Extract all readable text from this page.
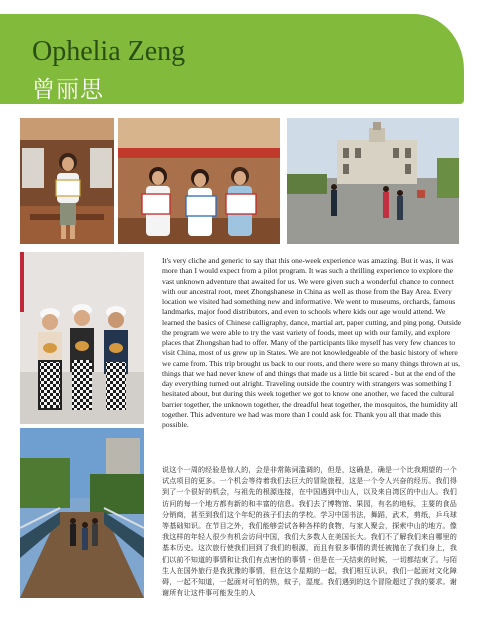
Ophelia Zeng
曾丽思

It's very cliche and generic to say that this one-week experience was amazing. But it was, it was more than I would expect from a pilot program. It was such a thrilling experience to explore the vast unknown adventure that awaited for us. We were given such a wonderful chance to connect with our ancestral root, meet Zhongshanese in China as well as those from the Bay Area. Every location we visited had something new and informative. We went to museums, orchards, famous landmarks, major food distributors, and even to schools where kids our age would attend. We learned the basics of Chinese calligraphy, dance, martial art, paper cutting, and ping pong. Outside the program we were able to try the vast variety of foods, meet up with our family, and explore places that Zhongshan had to offer. Many of the participants like myself has very few chances to visit China, most of us grew up in States. We are not knowledgeable of the basic history of where we came from. This trip brought us back to our roots, and there were so many things thrown at us, things that we had never knew of and things that made us a little bit scared - but at the end of the day everything turned out alright. Traveling outside the country with strangers was something I hesitated about, but during this week together we got to know one another, we faced the cultural barrier together, the unknown together, the dreadful heat together, the mosquitos, the humidity all together. This adventure we had was more than I could ask for. Thank you all that made this possible.

说这个一周的经验是惊人的，会是非常陈词滥调的，但是，这确是，确是一个比我期望的一个试点项目的更多。一个机会等待着我们去巨大的冒险旅程，这是一个令人兴奋的经历。我们得到了一个很好的机会，与祖先的根源连接，在中国遇到中山人，以及来自湾区的中山人。我们访问的每一个地方都有新的和丰富的信息。我们去了博物馆、果园，有名的地标，主要的食品分销商，甚至到我们这个年纪的孩子们去的学校。学习中国书法，舞蹈，武术，剪纸，乒乓球等基础知识。在节目之外，我们能够尝试各种各样的食物，与家人聚会，探索中山的地方。像我这样的年轻人很少有机会访问中国，我们大多数人在美国长大。我们不了解我们来自哪里的基本历史。这次旅行使我们回到了我们的根源，而且有很多事情的责任被抛在了我们身上，我们以前不知道的事情和让我们有点害怕的事情 - 但是在一天结束的时候，一切都结束了。与陌生人在国外旅行是我犹豫的事情，但在这个星期的一起，我们相互认识，我们一起面对文化障碍，一起不知道，一起面对可怕的热，蚊子，湿度。我们遇到的这个冒险超过了我的要求。谢谢所有让这件事可能发生的人
